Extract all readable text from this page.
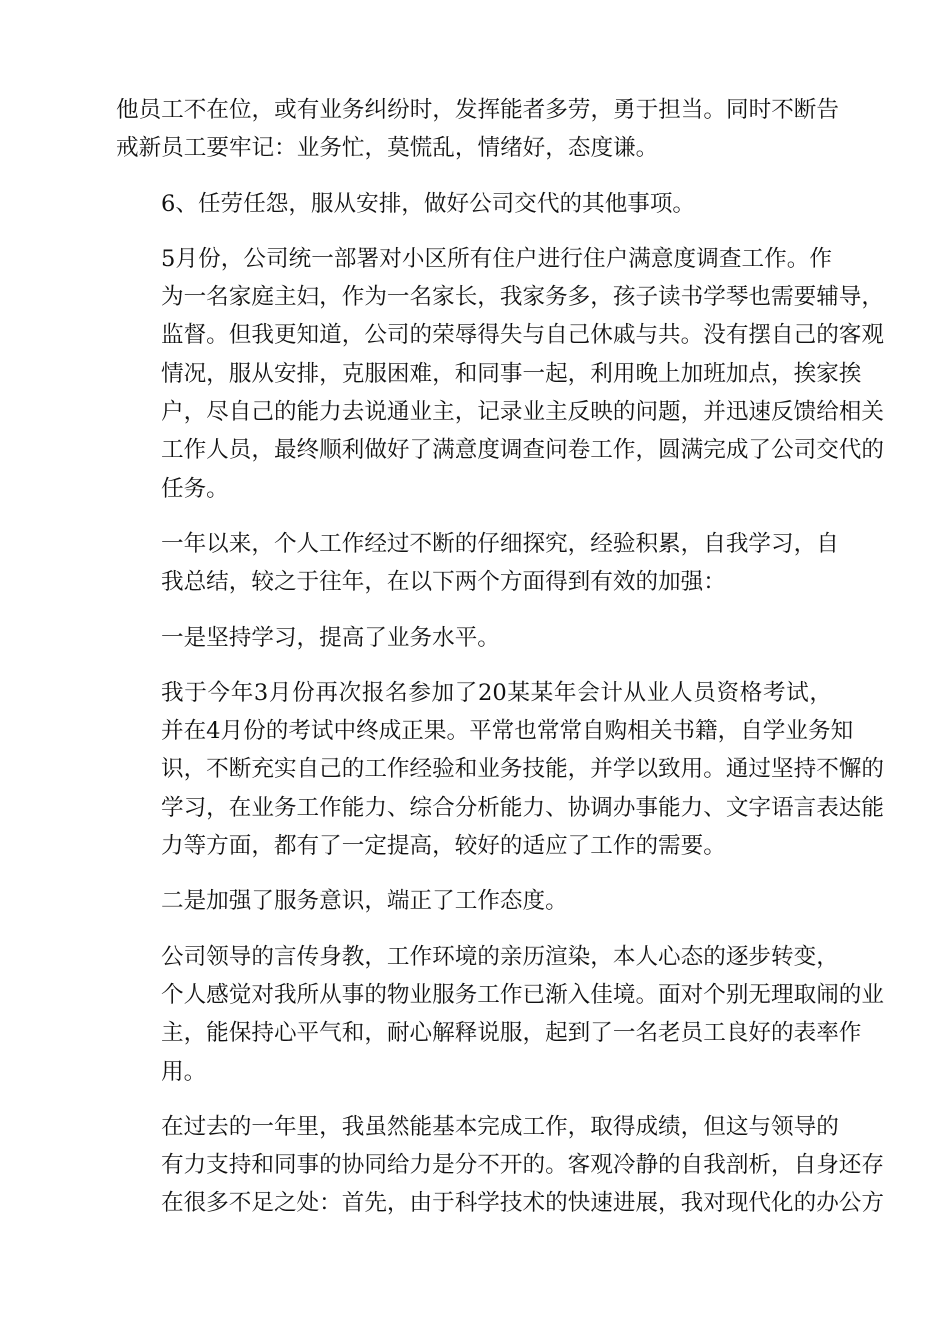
他员工不在位，或有业务纠纷时，发挥能者多劳，勇于担当。同时不断告
戒新员工要牢记：业务忙，莫慌乱，情绪好，态度谦。
6、任劳任怨，服从安排，做好公司交代的其他事项。
5月份，公司统一部署对小区所有住户进行住户满意度调查工作。作
为一名家庭主妇，作为一名家长，我家务多，孩子读书学琴也需要辅导，
监督。但我更知道，公司的荣辱得失与自己休戚与共。没有摆自己的客观
情况，服从安排，克服困难，和同事一起，利用晚上加班加点，挨家挨
户，尽自己的能力去说通业主，记录业主反映的问题，并迅速反馈给相关
工作人员，最终顺利做好了满意度调查问卷工作，圆满完成了公司交代的
任务。
一年以来，个人工作经过不断的仔细探究，经验积累，自我学习，自
我总结，较之于往年，在以下两个方面得到有效的加强：
一是坚持学习，提高了业务水平。
我于今年3月份再次报名参加了20某某年会计从业人员资格考试，
并在4月份的考试中终成正果。平常也常常自购相关书籍，自学业务知
识，不断充实自己的工作经验和业务技能，并学以致用。通过坚持不懈的
学习，在业务工作能力、综合分析能力、协调办事能力、文字语言表达能
力等方面，都有了一定提高，较好的适应了工作的需要。
二是加强了服务意识，端正了工作态度。
公司领导的言传身教，工作环境的亲历渲染，本人心态的逐步转变，
个人感觉对我所从事的物业服务工作已渐入佳境。面对个别无理取闹的业
主，能保持心平气和，耐心解释说服，起到了一名老员工良好的表率作
用。
在过去的一年里，我虽然能基本完成工作，取得成绩，但这与领导的
有力支持和同事的协同给力是分不开的。客观冷静的自我剖析，自身还存
在很多不足之处：首先，由于科学技术的快速进展，我对现代化的办公方
